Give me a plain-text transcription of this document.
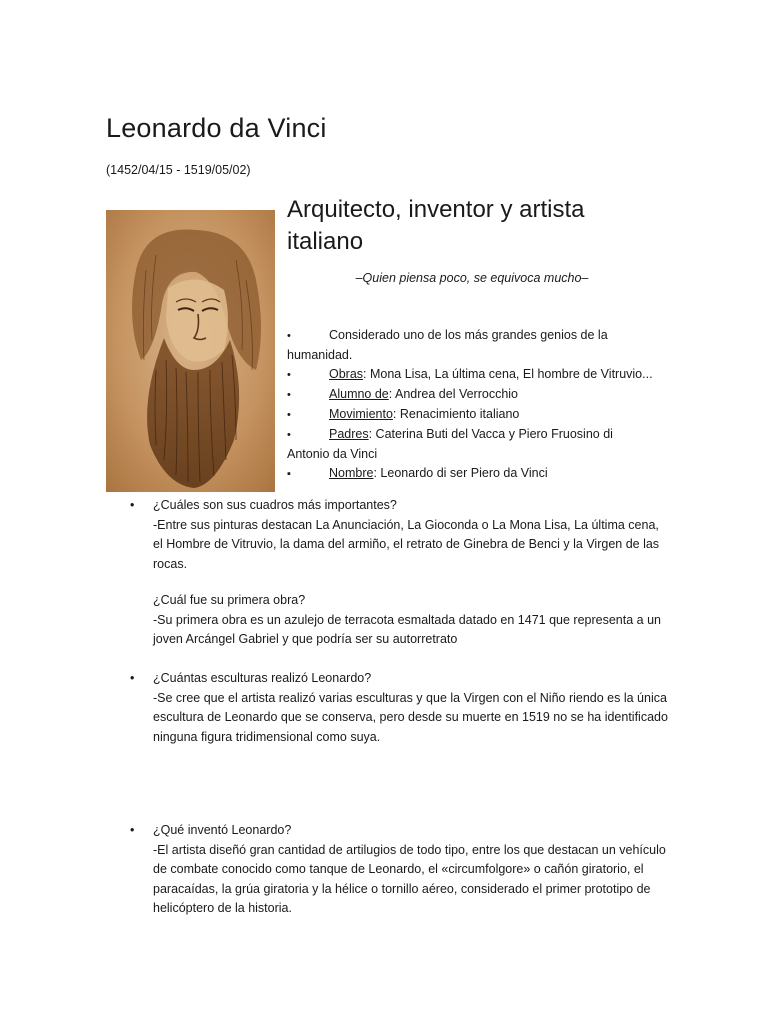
Leonardo da Vinci
(1452/04/15 - 1519/05/02)
Arquitecto, inventor y artista italiano
–Quien piensa poco, se equivoca mucho–
•	Considerado uno de los más grandes genios de la humanidad.
•	Obras: Mona Lisa, La última cena, El hombre de Vitruvio...
•	Alumno de: Andrea del Verrocchio
•	Movimiento: Renacimiento italiano
•	Padres: Caterina Buti del Vacca y Piero Fruosino di Antonio da Vinci
▪	Nombre: Leonardo di ser Piero da Vinci
• ¿Cuáles son sus cuadros más importantes?
-Entre sus pinturas destacan La Anunciación, La Gioconda o La Mona Lisa, La última cena, el Hombre de Vitruvio, la dama del armiño, el retrato de Ginebra de Benci y la Virgen de las rocas.
¿Cuál fue su primera obra?
-Su primera obra es un azulejo de terracota esmaltada datado en 1471 que representa a un joven Arcángel Gabriel y que podría ser su autorretrato
• ¿Cuántas esculturas realizó Leonardo?
-Se cree que el artista realizó varias esculturas y que la Virgen con el Niño riendo es la única escultura de Leonardo que se conserva, pero desde su muerte en 1519 no se ha identificado ninguna figura tridimensional como suya.
• ¿Qué inventó Leonardo?
-El artista diseñó gran cantidad de artilugios de todo tipo, entre los que destacan un vehículo de combate conocido como tanque de Leonardo, el «circumfolgore» o cañón giratorio, el paracaídas, la grúa giratoria y la hélice o tornillo aéreo, considerado el primer prototipo de helicóptero de la historia.
